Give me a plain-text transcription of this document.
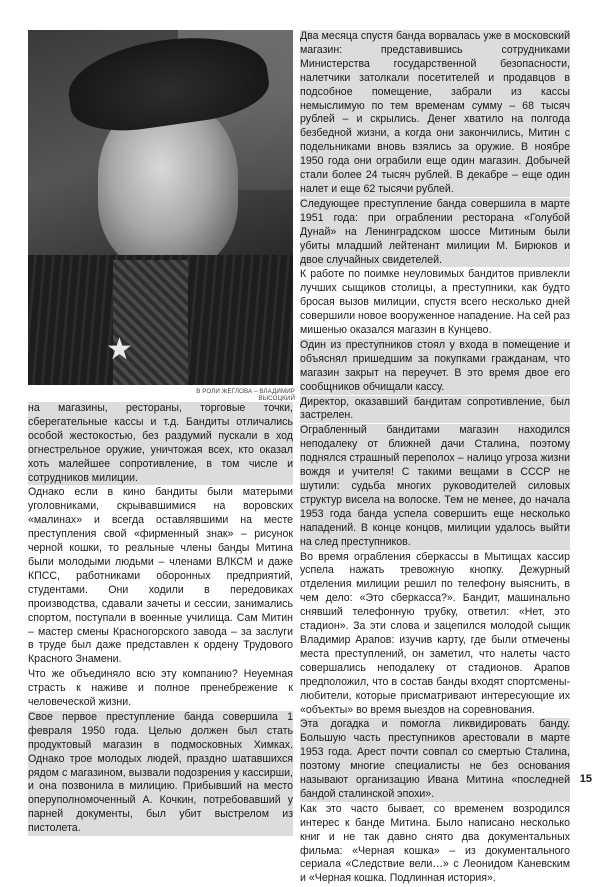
★
В РОЛИ ЖЕГЛОВА – ВЛАДИМИР ВЫСОЦКИЙ

Два месяца спустя банда ворвалась уже в московский магазин: представившись сотрудниками Министерства государственной безопасности, налетчики затолкали посетителей и продавцов в подсобное помещение, забрали из кассы немыслимую по тем временам сумму – 68 тысяч рублей – и скрылись. Денег хватило на полгода безбедной жизни, а когда они закончились, Митин с подельниками вновь взялись за оружие. В ноябре 1950 года они ограбили еще один магазин. Добычей стали более 24 тысяч рублей. В декабре – еще один налет и еще 62 тысячи рублей.

Следующее преступление банда совершила в марте 1951 года: при ограблении ресторана «Голубой Дунай» на Ленинградском шоссе Митиным были убиты младший лейтенант милиции М. Бирюков и двое случайных свидетелей.

К работе по поимке неуловимых бандитов привлекли лучших сыщиков столицы, а преступники, как будто бросая вызов милиции, спустя всего несколько дней совершили новое вооруженное нападение. На сей раз мишенью оказался магазин в Кунцево.

Один из преступников стоял у входа в помещение и объяснял пришедшим за покупками гражданам, что магазин закрыт на переучет. В это время двое его сообщников обчищали кассу.

Директор, оказавший бандитам сопротивление, был застрелен.

Ограбленный бандитами магазин находился неподалеку от ближней дачи Сталина, поэтому поднялся страшный переполох – налицо угроза жизни вождя и учителя! С такими вещами в СССР не шутили: судьба многих руководителей силовых структур висела на волоске. Тем не менее, до начала 1953 года банда успела совершить еще несколько нападений. В конце концов, милиции удалось выйти на след преступников.

Во время ограбления сберкассы в Мытищах кассир успела нажать тревожную кнопку. Дежурный отделения милиции решил по телефону выяснить, в чем дело: «Это сберкасса?». Бандит, машинально снявший телефонную трубку, ответил: «Нет, это стадион». За эти слова и зацепился молодой сыщик Владимир Арапов: изучив карту, где были отмечены места преступлений, он заметил, что налеты часто совершались неподалеку от стадионов. Арапов предположил, что в состав банды входят спортсмены-любители, которые присматривают интересующие их «объекты» во время выездов на соревнования.

Эта догадка и помогла ликвидировать банду. Большую часть преступников арестовали в марте 1953 года. Арест почти совпал со смертью Сталина, поэтому многие специалисты не без основания называют организацию Ивана Митина «последней бандой сталинской эпохи».

Как это часто бывает, со временем возродился интерес к банде Митина. Было написано несколько книг и не так давно снято два документальных фильма: «Черная кошка» – из документального сериала «Следствие вели…» с Леонидом Каневским и «Черная кошка. Подлинная история».

на магазины, рестораны, торговые точки, сберегательные кассы и т.д. Бандиты отличались особой жестокостью, без раздумий пускали в ход огнестрельное оружие, уничтожая всех, кто оказал хоть малейшее сопротивление, в том числе и сотрудников милиции.

Однако если в кино бандиты были матерыми уголовниками, скрывавшимися на воровских «малинах» и всегда оставлявшими на месте преступления свой «фирменный знак» – рисунок черной кошки, то реальные члены банды Митина были молодыми людьми – членами ВЛКСМ и даже КПСС, работниками оборонных предприятий, студентами. Они ходили в передовиках производства, сдавали зачеты и сессии, занимались спортом, поступали в военные училища. Сам Митин – мастер смены Красногорского завода – за заслуги в труде был даже представлен к ордену Трудового Красного Знамени.

Что же объединяло всю эту компанию? Неуемная страсть к наживе и полное пренебрежение к человеческой жизни.

Свое первое преступление банда совершила 1 февраля 1950 года. Целью должен был стать продуктовый магазин в подмосковных Химках. Однако трое молодых людей, праздно шатавшихся рядом с магазином, вызвали подозрения у кассирши, и она позвонила в милицию. Прибывший на место оперуполномоченный А. Кочкин, потребовавший у парней документы, был убит выстрелом из пистолета.

15
